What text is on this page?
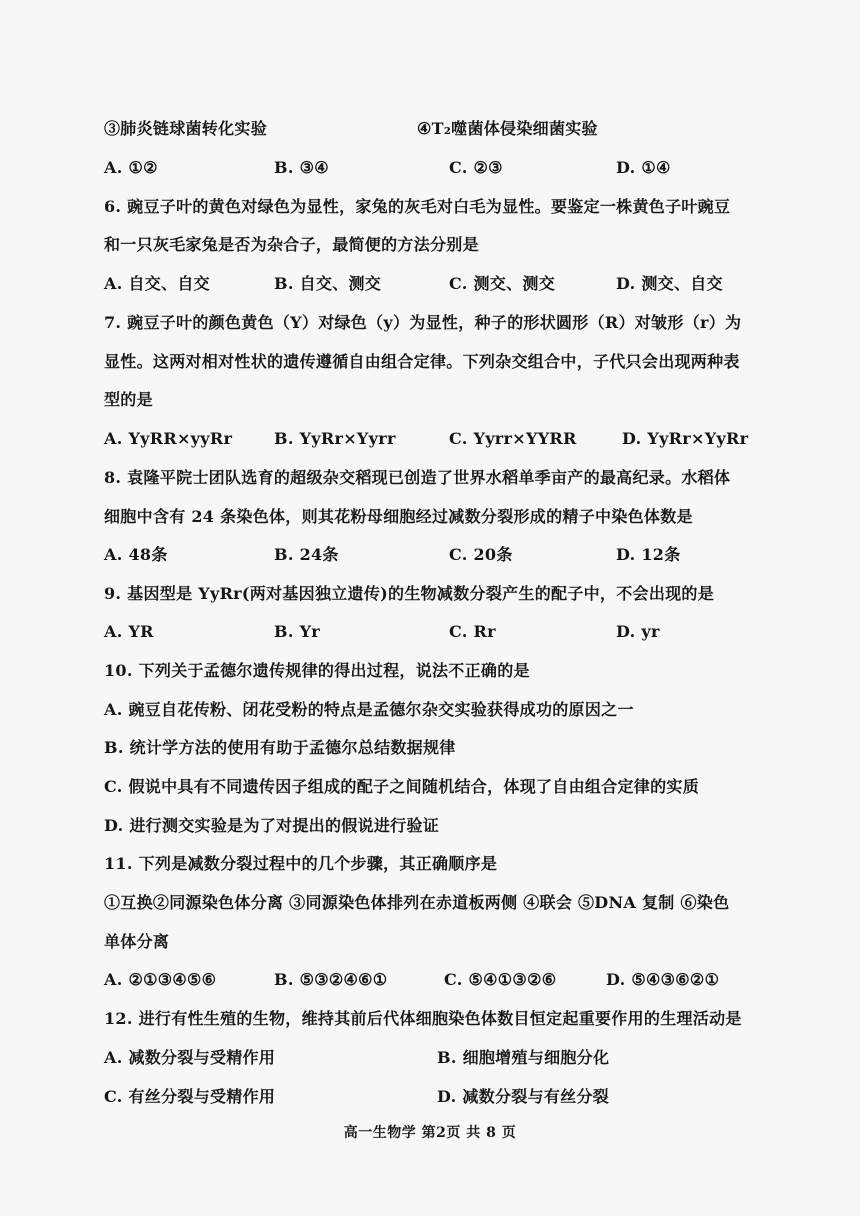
③肺炎链球菌转化实验	④T₂噬菌体侵染细菌实验
A. ①②	B. ③④	C. ②③	D. ①④
6. 豌豆子叶的黄色对绿色为显性，家兔的灰毛对白毛为显性。要鉴定一株黄色子叶豌豆
和一只灰毛家兔是否为杂合子，最简便的方法分别是
A. 自交、自交	B. 自交、测交	C. 测交、测交	D. 测交、自交
7. 豌豆子叶的颜色黄色（Y）对绿色（y）为显性，种子的形状圆形（R）对皱形（r）为
显性。这两对相对性状的遗传遵循自由组合定律。下列杂交组合中，子代只会出现两种表
型的是
A. YyRR×yyRr	B. YyRr×Yyrr	C. Yyrr×YYRR	D. YyRr×YyRr
8. 袁隆平院士团队选育的超级杂交稻现已创造了世界水稻单季亩产的最高纪录。水稻体
细胞中含有 24 条染色体，则其花粉母细胞经过减数分裂形成的精子中染色体数是
A. 48条	B. 24条	C. 20条	D. 12条
9. 基因型是 YyRr(两对基因独立遗传)的生物减数分裂产生的配子中，不会出现的是
A. YR	B. Yr	C. Rr	D. yr
10. 下列关于孟德尔遗传规律的得出过程，说法不正确的是
A. 豌豆自花传粉、闭花受粉的特点是孟德尔杂交实验获得成功的原因之一
B. 统计学方法的使用有助于孟德尔总结数据规律
C. 假说中具有不同遗传因子组成的配子之间随机结合，体现了自由组合定律的实质
D. 进行测交实验是为了对提出的假说进行验证
11. 下列是减数分裂过程中的几个步骤，其正确顺序是
①互换②同源染色体分离 ③同源染色体排列在赤道板两侧 ④联会 ⑤DNA 复制 ⑥染色
单体分离
A. ②①③④⑤⑥	B. ⑤③②④⑥①	C. ⑤④①③②⑥	D. ⑤④③⑥②①
12. 进行有性生殖的生物，维持其前后代体细胞染色体数目恒定起重要作用的生理活动是
A. 减数分裂与受精作用	B. 细胞增殖与细胞分化
C. 有丝分裂与受精作用	D. 减数分裂与有丝分裂
高一生物学 第2页 共 8 页
